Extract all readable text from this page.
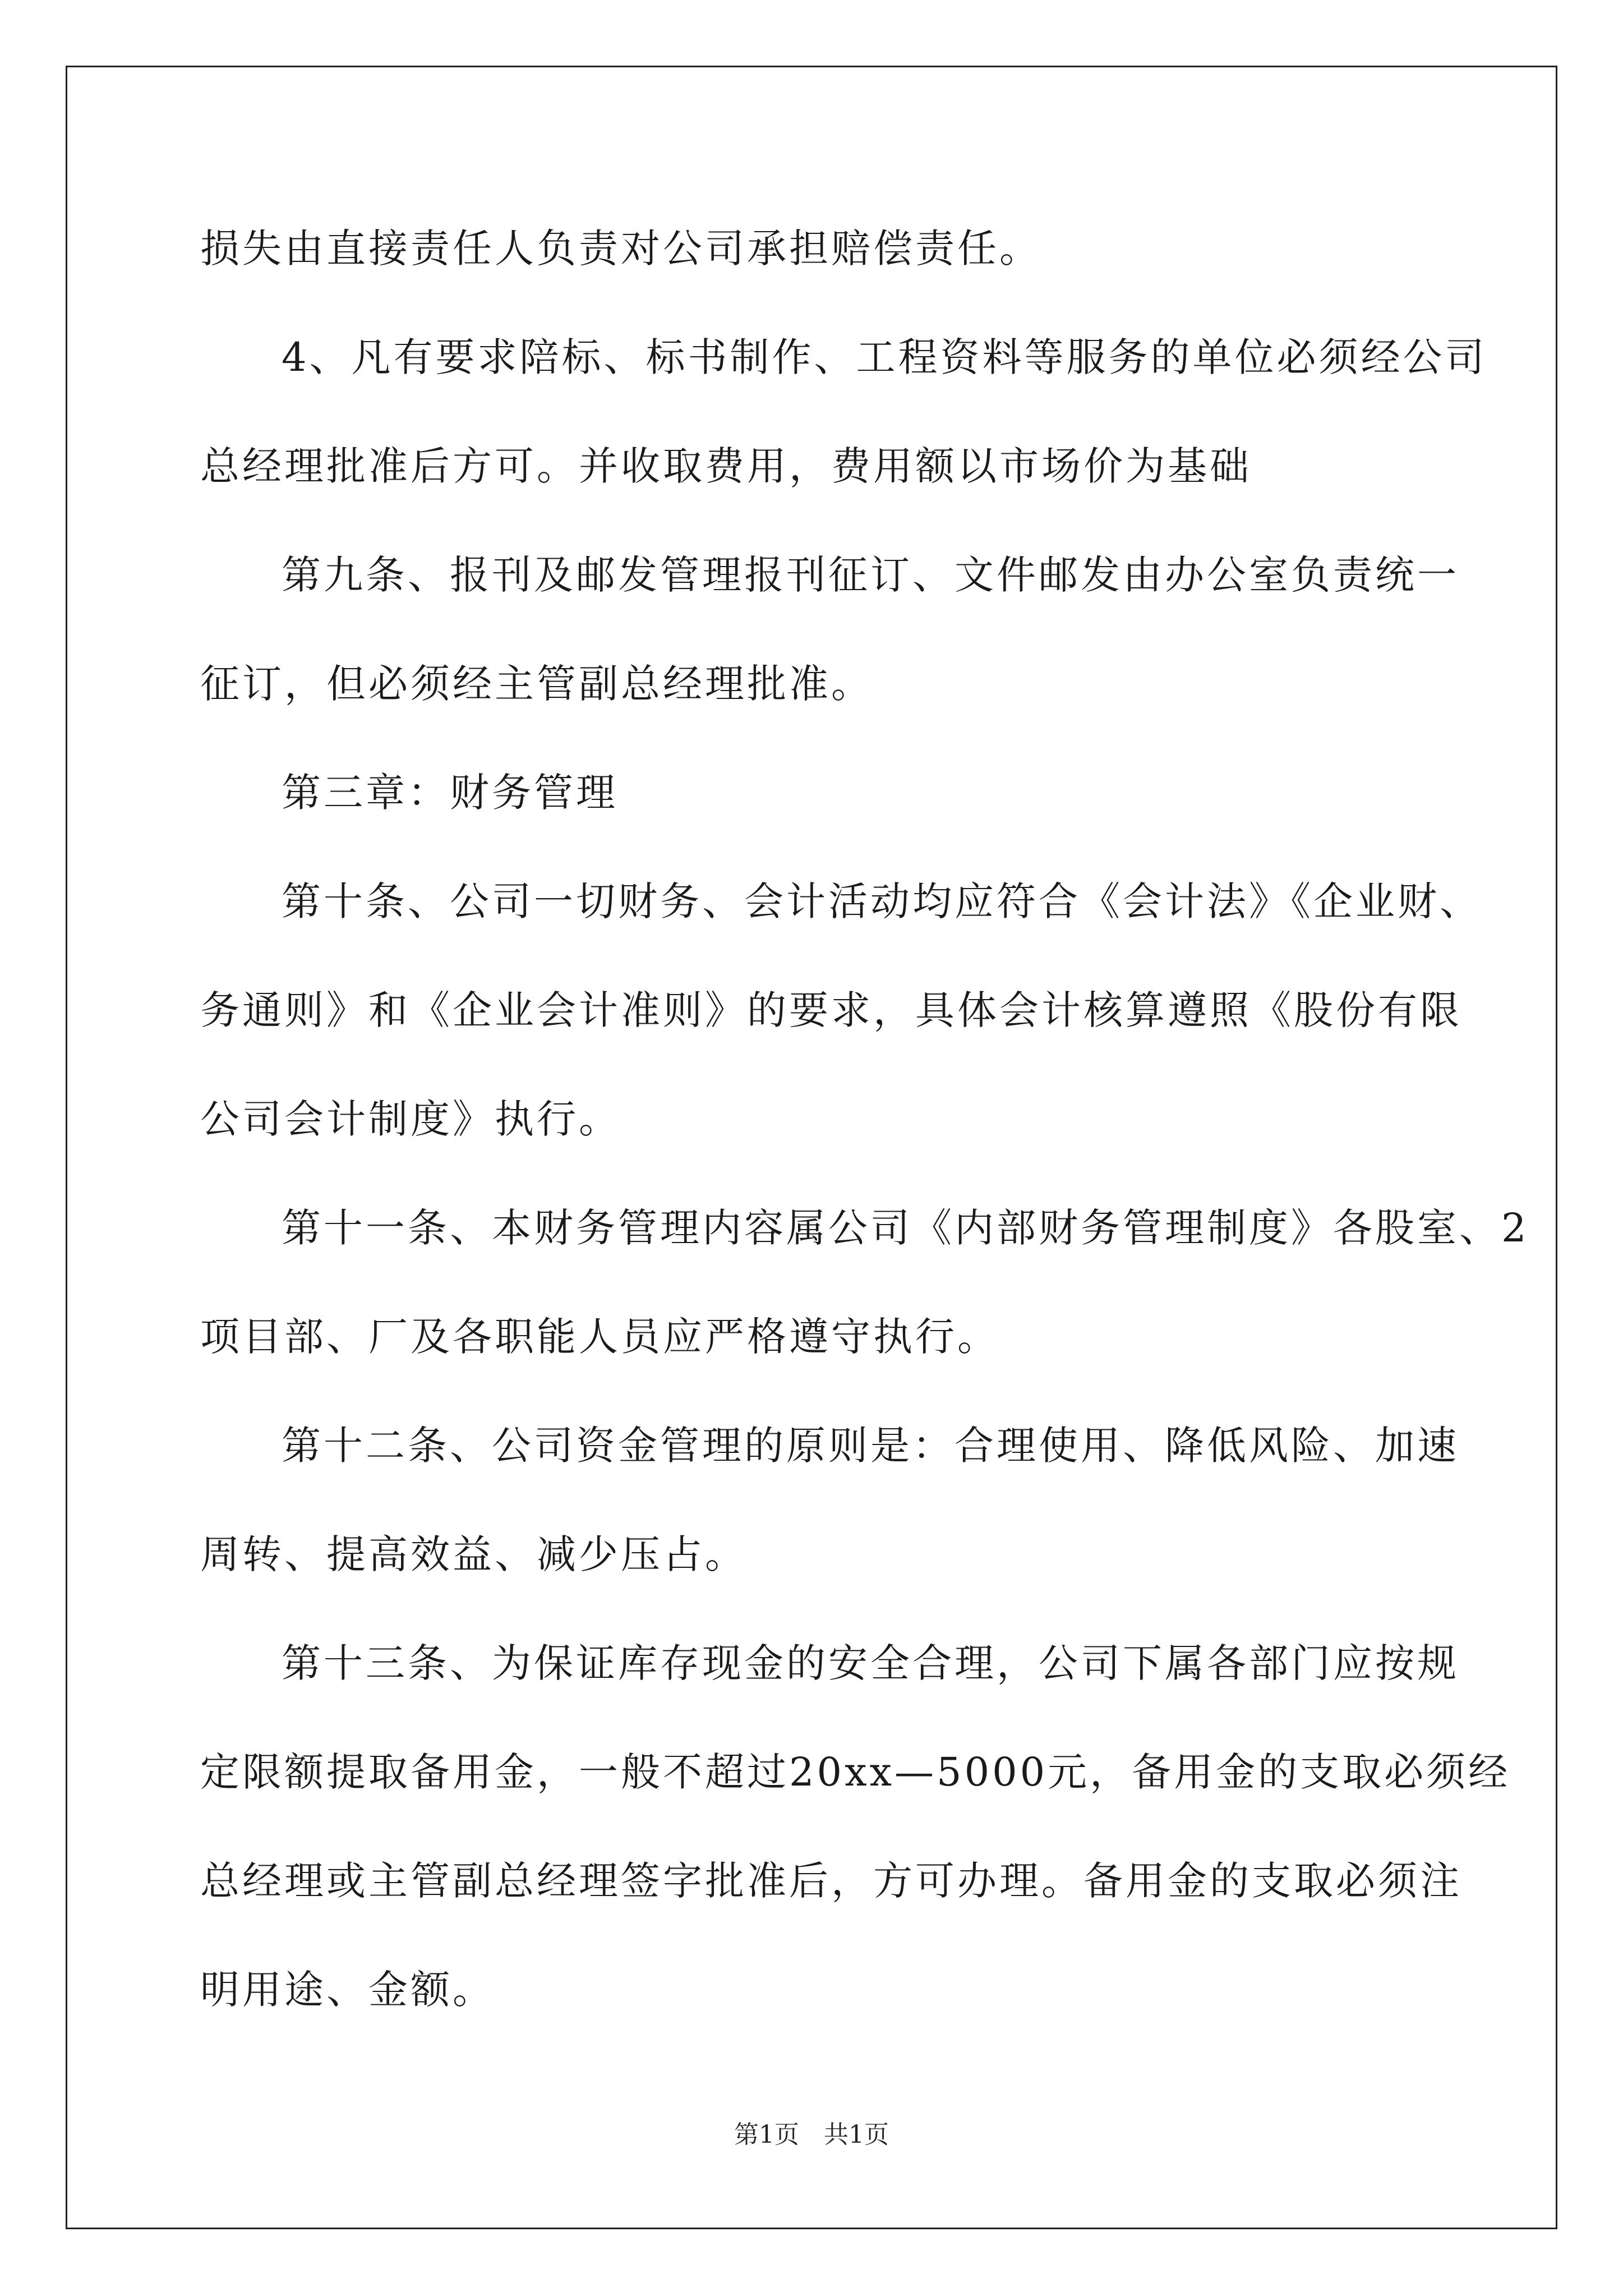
损失由直接责任人负责对公司承担赔偿责任。
4、凡有要求陪标、标书制作、工程资料等服务的单位必须经公司
总经理批准后方可。并收取费用，费用额以市场价为基础
第九条、报刊及邮发管理报刊征订、文件邮发由办公室负责统一
征订，但必须经主管副总经理批准。
第三章：财务管理
第十条、公司一切财务、会计活动均应符合《会计法》《企业财、
务通则》和《企业会计准则》的要求，具体会计核算遵照《股份有限
公司会计制度》执行。
第十一条、本财务管理内容属公司《内部财务管理制度》各股室、2
项目部、厂及各职能人员应严格遵守执行。
第十二条、公司资金管理的原则是：合理使用、降低风险、加速
周转、提高效益、减少压占。
第十三条、为保证库存现金的安全合理，公司下属各部门应按规
定限额提取备用金，一般不超过20xx—5000元，备用金的支取必须经
总经理或主管副总经理签字批准后，方可办理。备用金的支取必须注
明用途、金额。
第1页　共1页
